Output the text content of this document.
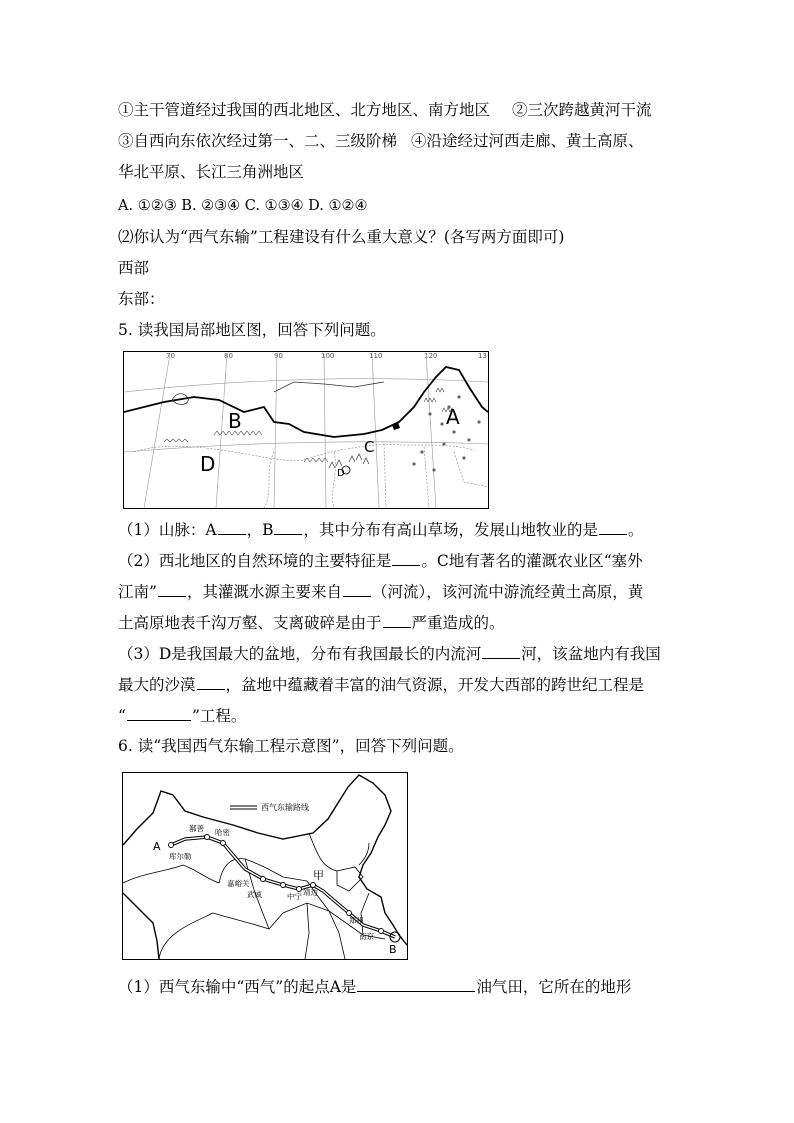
①主干管道经过我国的西北地区、北方地区、南方地区 ②三次跨越黄河干流
③自西向东依次经过第一、二、三级阶梯 ④沿途经过河西走廊、黄土高原、
华北平原、长江三角洲地区
A. ①②③ B. ②③④ C. ①③④ D. ①②④
⑵你认为“西气东输”工程建设有什么重大意义？(各写两方面即可)
西部
东部：
5. 读我国局部地区图，回答下列问题。
70	80	90	100	110	120	13
A
B
D
C
D
（1）山脉：A ，B ，其中分布有高山草场，发展山地牧业的是 。
（2）西北地区的自然环境的主要特征是 。C地有著名的灌溉农业区“塞外
江南” ，其灌溉水源主要来自 （河流），该河流中游流经黄土高原，黄
土高原地表千沟万壑、支离破碎是由于 严重造成的。
（3）D是我国最大的盆地，分布有我国最长的内流河	河，该盆地内有我国
最大的沙漠 ，盆地中蕴藏着丰富的油气资源，开发大西部的跨世纪工程是
“	”工程。
6. 读“我国西气东输工程示意图”，回答下列问题。
西气东输路线
鄯善 哈密
库尔勒
嘉峪关
武威	中宁 靖边
郑州
南京
甲
A
B
（1）西气东输中“西气”的起点A是	油气田，它所在的地形
